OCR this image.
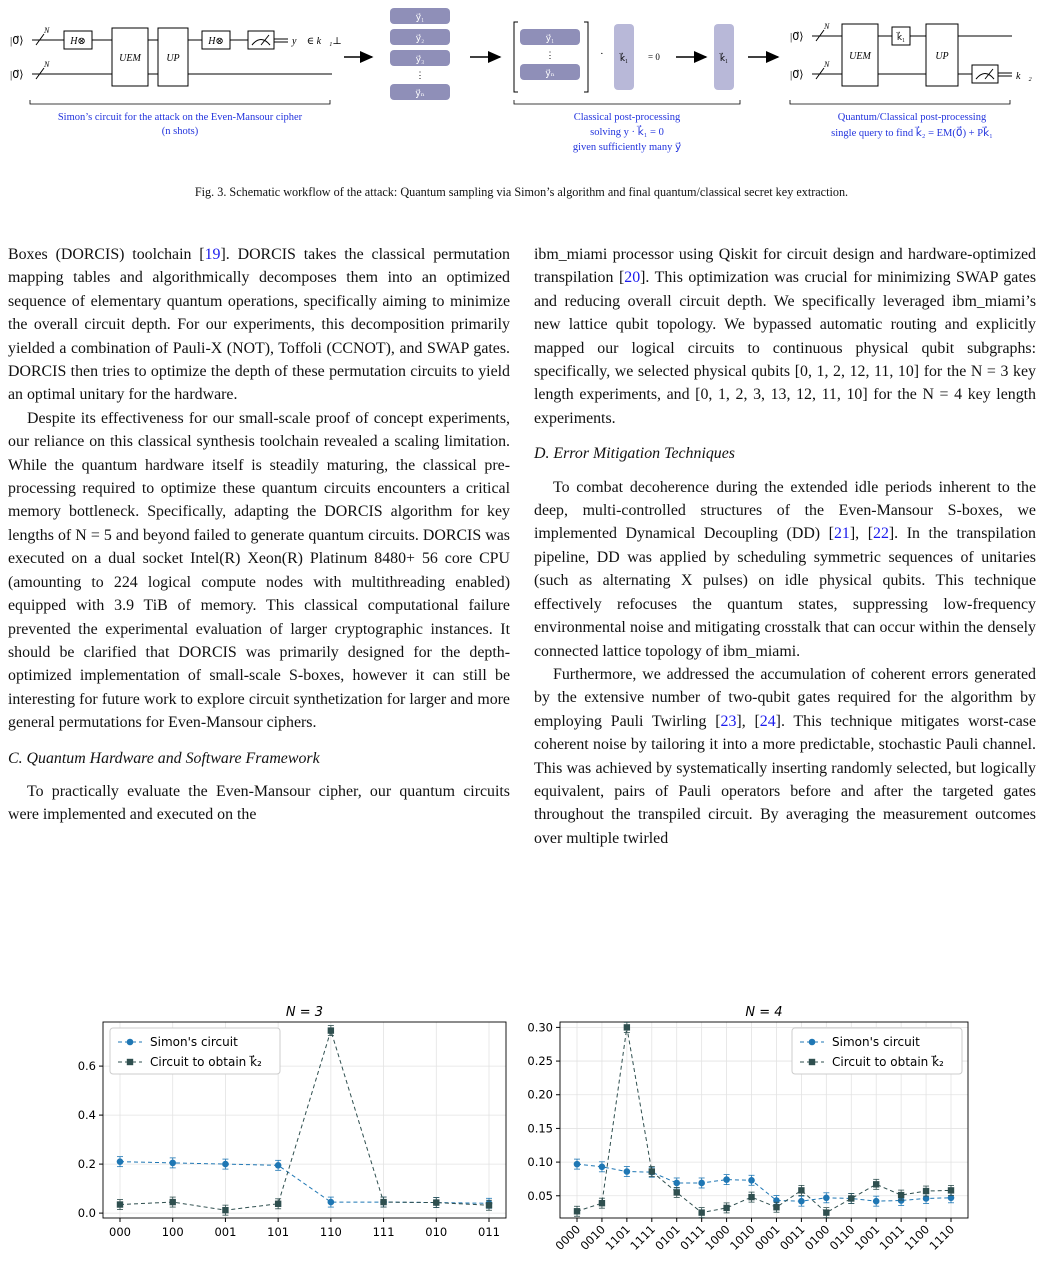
|0⃗⟩
|0⃗⟩
N
N
H⊗
UEM	UP
H⊗	y⃗ ∈ k⃗₁⊥
Simon’s circuit for the attack on the Even-Mansour cipher
(n shots)
y⃗₁
y⃗₂
y⃗₃
⋮
y⃗ₙ
y⃗₁
⋮
y⃗ₙ
· k⃗₁ = 0	k⃗₁
Classical post-processing
solving y · k⃗₁ = 0
given sufficiently many y⃗
|0⃗⟩
|0⃗⟩
N
N
UEM
k⃗₁
UP
k⃗₂
Quantum/Classical post-processing
single query to find k⃗₂ = EM(0⃗) + Pk⃗₁
Fig. 3. Schematic workflow of the attack: Quantum sampling via Simon’s algorithm and final quantum/classical secret key extraction.

Boxes (DORCIS) toolchain [19]. DORCIS takes the classical permutation mapping tables and algorithmically decomposes them into an optimized sequence of elementary quantum operations, specifically aiming to minimize the overall circuit depth. For our experiments, this decomposition primarily yielded a combination of Pauli-X (NOT), Toffoli (CCNOT), and SWAP gates. DORCIS then tries to optimize the depth of these permutation circuits to yield an optimal unitary for the hardware.

Despite its effectiveness for our small-scale proof of concept experiments, our reliance on this classical synthesis toolchain revealed a scaling limitation. While the quantum hardware itself is steadily maturing, the classical pre-processing required to optimize these quantum circuits encounters a critical memory bottleneck. Specifically, adapting the DORCIS algorithm for key lengths of N = 5 and beyond failed to generate quantum circuits. DORCIS was executed on a dual socket Intel(R) Xeon(R) Platinum 8480+ 56 core CPU (amounting to 224 logical compute nodes with multithreading enabled) equipped with 3.9 TiB of memory. This classical computational failure prevented the experimental evaluation of larger cryptographic instances. It should be clarified that DORCIS was primarily designed for the depth-optimized implementation of small-scale S-boxes, however it can still be interesting for future work to explore circuit synthetization for larger and more general permutations for Even-Mansour ciphers.

C. Quantum Hardware and Software Framework

To practically evaluate the Even-Mansour cipher, our quantum circuits were implemented and executed on the

ibm_miami processor using Qiskit for circuit design and hardware-optimized transpilation [20]. This optimization was crucial for minimizing SWAP gates and reducing overall circuit depth. We specifically leveraged ibm_miami’s new lattice qubit topology. We bypassed automatic routing and explicitly mapped our logical circuits to continuous physical qubit subgraphs: specifically, we selected physical qubits [0, 1, 2, 12, 11, 10] for the N = 3 key length experiments, and [0, 1, 2, 3, 13, 12, 11, 10] for the N = 4 key length experiments.

D. Error Mitigation Techniques

To combat decoherence during the extended idle periods inherent to the deep, multi-controlled structures of the Even-Mansour S-boxes, we implemented Dynamical Decoupling (DD) [21], [22]. In the transpilation pipeline, DD was applied by scheduling symmetric sequences of unitaries (such as alternating X pulses) on idle physical qubits. This technique effectively refocuses the quantum states, suppressing low-frequency environmental noise and mitigating crosstalk that can occur within the densely connected lattice topology of ibm_miami.

Furthermore, we addressed the accumulation of coherent errors generated by the extensive number of two-qubit gates required for the algorithm by employing Pauli Twirling [23], [24]. This technique mitigates worst-case coherent noise by tailoring it into a more predictable, stochastic Pauli channel. This was achieved by systematically inserting randomly selected, but logically equivalent, pairs of Pauli operators before and after the targeted gates throughout the transpiled circuit. By averaging the measurement outcomes over multiple twirled

N = 3
0.0
0.2
0.4
0.6
000	100	001	101	110	111	010	011
Simon's circuit
Circuit to obtain k⃗₂
N = 4
0.05
0.10
0.15
0.20
0.25
0.30
0000
0010
1101
1111
0101
0111
1000
1010
0001
0011
0100
0110
1001
1011
1100
1110
Simon's circuit
Circuit to obtain k⃗₂
